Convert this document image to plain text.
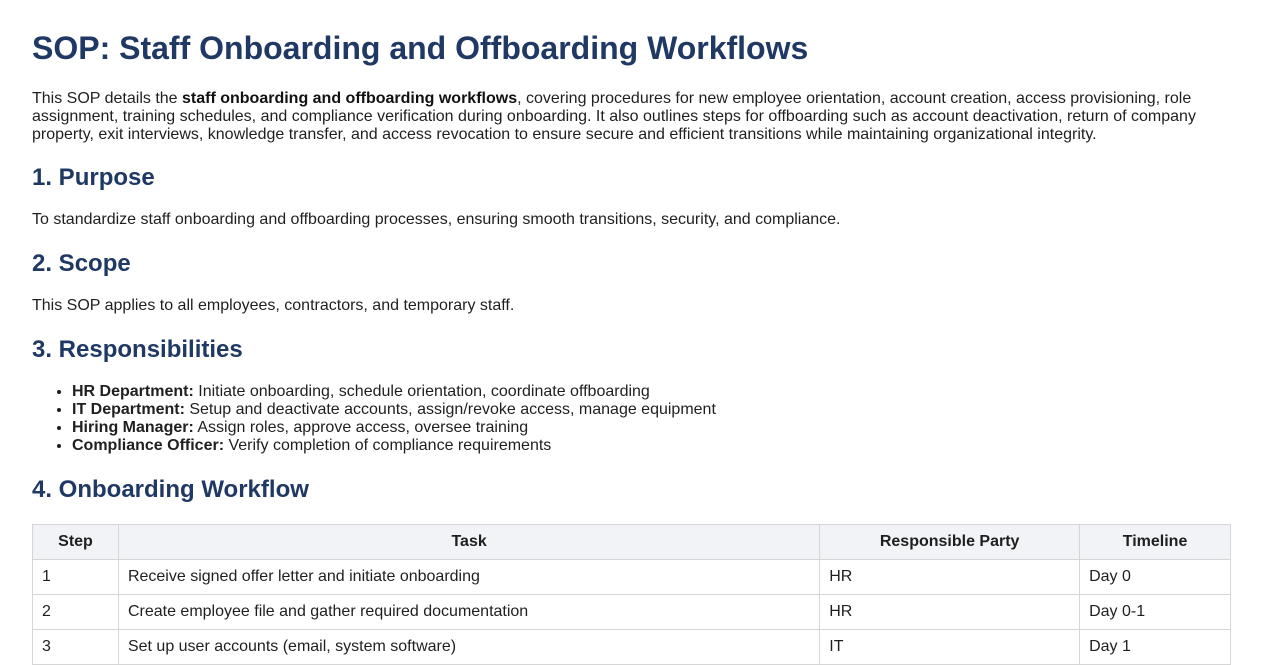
SOP: Staff Onboarding and Offboarding Workflows

This SOP details the staff onboarding and offboarding workflows, covering procedures for new employee orientation, account creation, access provisioning, role assignment, training schedules, and compliance verification during onboarding. It also outlines steps for offboarding such as account deactivation, return of company property, exit interviews, knowledge transfer, and access revocation to ensure secure and efficient transitions while maintaining organizational integrity.

1. Purpose

To standardize staff onboarding and offboarding processes, ensuring smooth transitions, security, and compliance.

2. Scope

This SOP applies to all employees, contractors, and temporary staff.

3. Responsibilities
• HR Department: Initiate onboarding, schedule orientation, coordinate offboarding
• IT Department: Setup and deactivate accounts, assign/revoke access, manage equipment
• Hiring Manager: Assign roles, approve access, oversee training
• Compliance Officer: Verify completion of compliance requirements
4. Onboarding Workflow
Step	Task	Responsible Party	Timeline
1	Receive signed offer letter and initiate onboarding	HR	Day 0
2	Create employee file and gather required documentation	HR	Day 0-1
3	Set up user accounts (email, system software)	IT	Day 1
